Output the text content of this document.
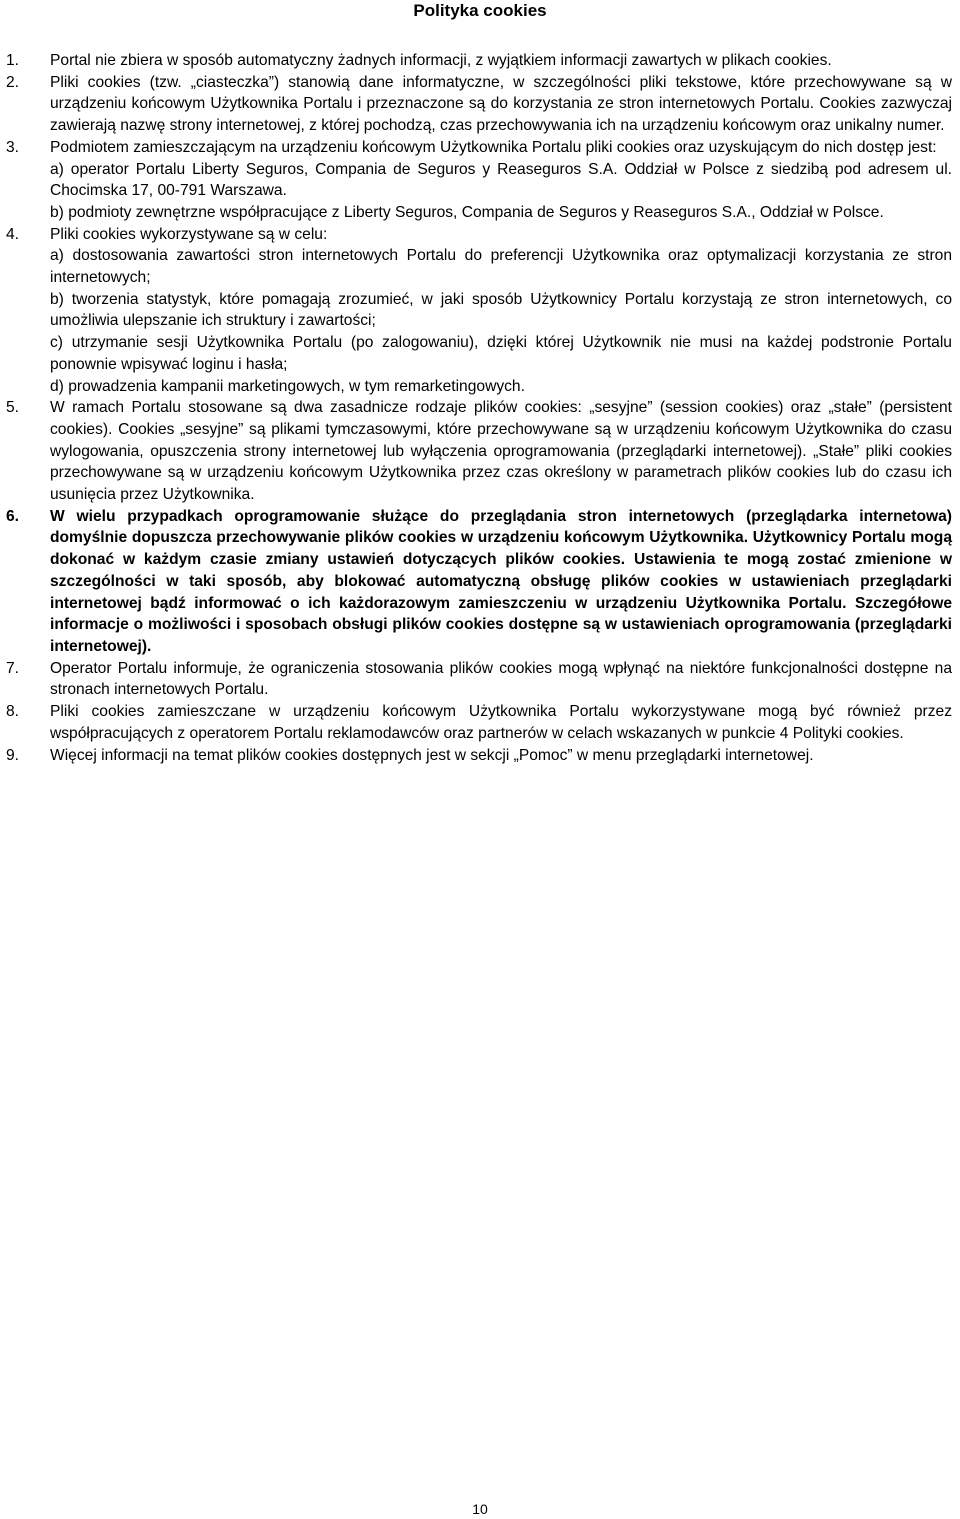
Polityka cookies
1. Portal nie zbiera w sposób automatyczny żadnych informacji, z wyjątkiem informacji zawartych w plikach cookies.

2. Pliki cookies (tzw. „ciasteczka”) stanowią dane informatyczne, w szczególności pliki tekstowe, które przechowywane są w urządzeniu końcowym Użytkownika Portalu i przeznaczone są do korzystania ze stron internetowych Portalu. Cookies zazwyczaj zawierają nazwę strony internetowej, z której pochodzą, czas przechowywania ich na urządzeniu końcowym oraz unikalny numer.

3. Podmiotem zamieszczającym na urządzeniu końcowym Użytkownika Portalu pliki cookies oraz uzyskującym do nich dostęp jest:

a) operator Portalu Liberty Seguros, Compania de Seguros y Reaseguros S.A. Oddział w Polsce z siedzibą pod adresem ul. Chocimska 17, 00-791 Warszawa.

b) podmioty zewnętrzne współpracujące z Liberty Seguros, Compania de Seguros y Reaseguros S.A., Oddział w Polsce.

4. Pliki cookies wykorzystywane są w celu:

a) dostosowania zawartości stron internetowych Portalu do preferencji Użytkownika oraz optymalizacji korzystania ze stron internetowych;

b) tworzenia statystyk, które pomagają zrozumieć, w jaki sposób Użytkownicy Portalu korzystają ze stron internetowych, co umożliwia ulepszanie ich struktury i zawartości;

c) utrzymanie sesji Użytkownika Portalu (po zalogowaniu), dzięki której Użytkownik nie musi na każdej podstronie Portalu ponownie wpisywać loginu i hasła;

d) prowadzenia kampanii marketingowych, w tym remarketingowych.

5. W ramach Portalu stosowane są dwa zasadnicze rodzaje plików cookies: „sesyjne” (session cookies) oraz „stałe” (persistent cookies). Cookies „sesyjne” są plikami tymczasowymi, które przechowywane są w urządzeniu końcowym Użytkownika do czasu wylogowania, opuszczenia strony internetowej lub wyłączenia oprogramowania (przeglądarki internetowej). „Stałe” pliki cookies przechowywane są w urządzeniu końcowym Użytkownika przez czas określony w parametrach plików cookies lub do czasu ich usunięcia przez Użytkownika.

6. W wielu przypadkach oprogramowanie służące do przeglądania stron internetowych (przeglądarka internetowa) domyślnie dopuszcza przechowywanie plików cookies w urządzeniu końcowym Użytkownika. Użytkownicy Portalu mogą dokonać w każdym czasie zmiany ustawień dotyczących plików cookies. Ustawienia te mogą zostać zmienione w szczególności w taki sposób, aby blokować automatyczną obsługę plików cookies w ustawieniach przeglądarki internetowej bądź informować o ich każdorazowym zamieszczeniu w urządzeniu Użytkownika Portalu. Szczegółowe informacje o możliwości i sposobach obsługi plików cookies dostępne są w ustawieniach oprogramowania (przeglądarki internetowej).

7. Operator Portalu informuje, że ograniczenia stosowania plików cookies mogą wpłynąć na niektóre funkcjonalności dostępne na stronach internetowych Portalu.

8. Pliki cookies zamieszczane w urządzeniu końcowym Użytkownika Portalu wykorzystywane mogą być również przez współpracujących z operatorem Portalu reklamodawców oraz partnerów w celach wskazanych w punkcie 4 Polityki cookies.

9. Więcej informacji na temat plików cookies dostępnych jest w sekcji „Pomoc” w menu przeglądarki internetowej.

10
